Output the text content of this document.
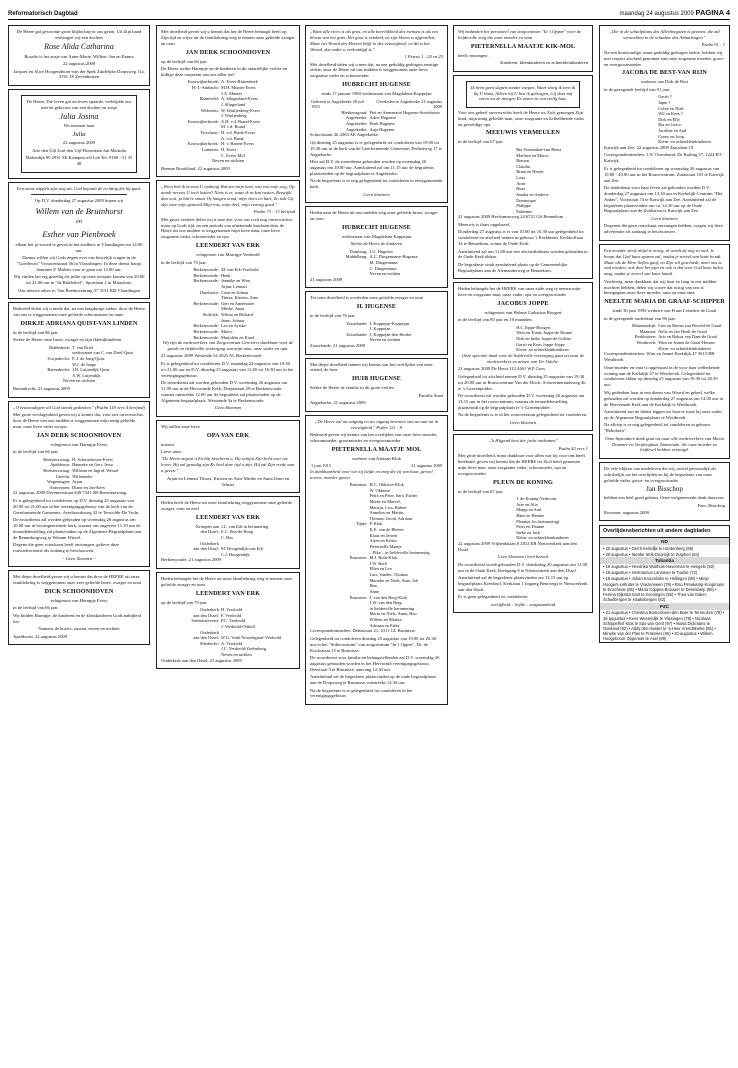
Reformatorisch Dagblad	maandag 24 augustus 2009 PAGINA 4

De Heere gaf gewoonte grote blijdschap in ons gezin. Uit Zijn hand ontvingen wij een dochter

Rose Alida Catharina

Rosalie is het zusje van Anne-Marie, Willine, Jan en Emma

22 augustus 2009

Jacques en Alice Hoogendoorn-van der Spek Zuidelijke Dorpsweg 11a, 3761 JX Zevenhuizen

De Heere, Die leven gaf en leven spaarde, verblijdde ons met de geboorte van een dochter en zusje

Julia Josina

We noemen haar

Julia

22 augustus 2009

Arie den Uijl Josè den Uijl-Bouwman Jan Marinda

Molendijk 90 2931 SE Krimpen a/d Lek Tel. 0180 - 51 35 48

Een mens stippelt zijn weg uit, God bepaalt de richting die hij gaat.

Op D.V. donderdag 27 augustus 2009 hopen wij

Willem van de Bruinhorst
en
Esther van Pienbroek

elkaar het ja-woord te geven in het stadhuis in Vlaardingen om 14.00 uur.

Daarna willen wij Gods zegen over ons huwelijk vragen in de "Goedewin" Vrouwenstraat 36 in Vlaardingen. In deze dienst hoopt dominee P. Mulder voor te gaan om 15.00 uur.

Wij vinden het erg gezellig als jullie op onze receptie komen van 20.00 tot 21.00 uur in "de Ridderhof", Sportlaan 2 in Maassluis.

Ons nieuwe adres is: Van Beethovenring 57 3131 KB Vlaardingen

Bedroefd delen wij u mede dat, na een langdurige ziekte, door de Heere van ons is weggenomen onze geliefde schoonzuster en tante

DIRKJE ADRIANA QUIST-VAN LINDEN

in de leeftijd van 86 jaar.

Sterke de Heere onze broer, zwager en zijn (klein)kinderen.

Ridderkerk:	T. van Driel
	weduwnaar van C. van Driel-Quist
Zwijndrecht:	P. J. de Jong-Quist
	W.J. de Jonge
Barendrecht:	J.H. Luijendijk-Quist
	A.W. Luijendijk

Neven en nichten

Barendrecht, 21 augustus 2009

„O'eeuwoudigen wil God steeds gedenken." (Psalm 118 vers 4 berijmd)

Met grote verslagenheid geven wij u kennis dat, voor ons onverwachts, door de Heere van ons midden is weggenomen mijn innig geliefde man, onze lieve vader en opa

JAN DERK SCHOONHOVEN

echtgenoot van Harmpje Evers

in de leeftijd van 66 jaar.

Beetsterzwaag:	H. Schoonhoven-Evers
Apeldoorn:	Hanneke en Gert, Jesse
Beetsterzwaag:	Willeam en Ingrid, Wessel
Utrecht:	Willemieke
Wageningen:	Arjan
Antwerpen:	Diane en Jan-Kees

22 augustus 2009 Deventerstraat 649 7341 SB Beetsterzwaag

Er is gelegenheid tot condoleren op D.V. dinsdag 25 augustus van 20.00 tot 21.00 uur in het verenigingsgebouw van de kerk van de Gereformeerde Gemeente, Averhoordsweg 32 te Terwolde-De Vecht.

De rouwdienst zal worden gehouden op woensdag 26 augustus om 10.00 uur in bovengenoemde kerk, waarna om ongeveer 11.30 uur de teraardebestelling zal plaatsvinden op de Algemene Begraafplaats aan de Rammbrugweg te Wenum Wiesel.

Degene die geen rouwkaart heeft ontvangen, gelieve deze rouwadvertentie als zodanig te beschouwen.

~ Geen bloemen ~

Met diepe droefheid geven wij u kennis dat door de HEERE uit onze familiekring is weggenomen onze zeer geliefde broer, zwager en oom

DICK SCHOONHOVEN

echtgenoot van Harmpje Evers

in de leeftijd van 66 jaar.

Wij bidden Harmpje, de kinderen en de kleinkinderen Gods nabijheid toe.

Namens de broers, zussen, neven en nichten

Apeldoorn, 22 augustus 2009

Met droefheid geven wij u kennis dat het de Heere behaagd heeft op Zijn tijd en wijze uit de familiekring weg te nemen onze geliefde zwager en oom

JAN DERK SCHOONHOVEN

op de leeftijd van 66 jaar.

De Heere sterke Harmpje en de kinderen in dit smartelijke verlies en bidlige deze roepstem aan ons allen toe!

Kootwijkerbroek:	A. Evers-Ruitenbeek
H.-I.-Ambacht:	M.H. Munter-Evers
	J.A. Munter
Barneveld:	A. Slingerland-Evers
	J. Slingerland
Wekerom:	W. Wasljenberg-Evers
	J. Wasljenberg
Kootwijkerbroek:	A.H. v.d. Brand-Evers
	M. v.d. Brand
Terschuur:	H. v.d. Brink-Evers
	A. v.d. Brink
Kootwijkerbroek:	H. v. Harten-Evers
Lunteren:	H. Evers
	C. Evers-Mol

Neven en nichten

Beemte Broekland, 22 augustus 2009

„Wien heb ik nevens U omhoog Wat zou mijn hart, wat zou mijn oog, Op aarde nevens U toch lusten? Niets is er, waar ik in kan rusten, Bezwijkt dan ooit, ja bitt're smart Of hangen nood, mijn vlees en hart, Zo zult Gij zijn voor mijn gemoed Mijn rots, mijn deel, mijn eeuwig goed."

Psalm 73 : 13 berijmd

Met groot verdriet delen wij u mee dat, voor ons toch nog onverwachts, maar op Gods tijd, na een periode van afnemende krachten door de Heere uit ons midden is weggenomen mijn lieve man, onze lieve zorgzame vader, schoonvader en opa

LEENDERT VAN ERK

echtgenoot van Marrigje Verdoold

in de leeftijd van 70 jaar.

Berkenwoude:	M. van Erk-Verdoold
Berkenwoude:	Henk
Berkenwoude:	Janneke en Wim
	Arjan, Lennart
IJsselstein:	Coen en Jolmar
	Thirza, Kirsten, Arne
Berkenwoude:	Gert en Annemarie
	Mirthe, Anna
Stolwijk:	Wilma en Richard
	Jarno, Jelmar
Berkenwoude:	Leo en Sytske
Berkenwoude:	Marco
Berkenwoude:	Marjolein en Karel

Wij zijn de medewerkers van Zorgcentrum Gereviers dankbaar voor de goede en liefdevolle verzorging van mijn man, onze vader en opa.

21 augustus 2009 Westende 54 2825 AL Berkenwoude

Er is gelegenheid tot condoleren D.V. maandag 24 augustus van 19.30 tot 21.00 uur en D.V. dinsdag 25 augustus van 13.00 tot 16.30 uur in het verenigingsgebouw.

De rouwdienst zal worden gehouden D.V. woensdag 26 augustus om 11.00 uur in de Hervormde Kerk, Dorpsstraat 29 te Berkenwoude, waarna omstreeks 12.00 uur de begrafenis zal plaatsvinden op de Algemene begraafplaats, Westeinde 3a te Berkenwoude.

Geen bloemen

Wij zullen onze lieve

OPA VAN ERK

missen.

Lieve oma:

"De Heere zegent u En blij bescherm u, Hij schijnt Zijn licht over uw leven. Hij zal genadig zijn Ks heel deze tijd u zijn, Hij zal Zijn vrede aan u geven."

Arjan en Lennart Thirza, Kirsten en Arne Mirthe en Anna Jarno en Jelmar

Heden heeft de Heere uit onze familiekring weggenomen onze geliefde zwager, oom en neef

LEENDERT VAN ERK
Krimpen aan	J.L. van Erk in herinnering
den IJssel:	E.C. Bos-de Hoop
	C. Bos
Ouderkerk	
aan den IJssel:	M. Hoogendijk-van Erk
	C.J. Hoogendijk

Berkenwoude, 21 augustus 2009

Heden behaagde het de Heere uit onze familiekring weg te nemen onze geliefde zwager en oom

LEENDERT VAN ERK

op de leeftijd van 70 jaar.

Ouderkerk	H. Verdoold
aan den IJssel:	F. Verdoold
Surhuisterveen:	P.C. Verdoold
	J. Verdoold-Olthoff
Ouderkerk	
aan den IJssel:	W.G. Vonk Noordegraaf-Verdoold
Sliedrecht:	A. Verdoold
	J.C. Verdoold-Zeelenberg
	Neven en nichten

Ouderkerk aan den IJssel, 21 augustus 2009

„Want alle vlees is als gras, en alle heerlijkheid des mensen is als een bloem van het gras. Het gras is verdord, en zijn bloem is afgevallen; Maar het Woord des Heeren blijft in der eeuwigheid; en dit is het Woord, dat onder u verkondigd is."

1 Petrus 1 : 24 en 25

Met droefheid delen wij u mee dat, na een geduldig gedragen ernstige ziekte, door de Heere uit ons midden is weggenomen onze lieve, zorgzame vader en schoonvader

HUBRECHT HUGENSE

sinds 17 januari 1960 weduwnaar van Magdalena Koppejan

Geboren te Aagtekerke 28 juli 1933	Overleden te Aagtekerke 21 augustus 2009
Bleskensgraaf:	Piet en Annemarie Hugense-Soeteboom
Aagtekerke:	Adrie Hugense
Aagtekerke:	Huib Hugense
Aagtekerke:	Anja Hugense

Schoolstraat 2b 4363 AE Aagtekerke

Op dinsdag 25 augustus is er gelegenheid tot condoleren van 19.00 tot 19.30 uur in de kerk van de Gereformeerde Gemeente, Prelaatweg 17 te Aagtekerke.

Hier zal D.V. de rouwdienst gehouden worden op woensdag 26 augustus om 10.00 uur. Aansluitend zal om 11.15 uur de begrafenis plaatsvinden op de begraafplaats te Aagtekerke.

Na de begrafenis is er nog gelegenheid tot condoleren in eerstgenoemde kerk.

Geen bloemen

Heden nam de Heere uit ons midden weg onze geliefde broer, zwager en oom

HUBRECHT HUGENSE

weduwnaar van Magdalena Koppejan

Sterke de Heere de kinderen

Domburg:	J.G. Hugense
Middelburg:	A.C. Dingemanse-Hugense
	M. Dingemanse
	C. Dingemanse
	Neven en nichten

21 augustus 2009

Tot onze droefheid is overleden onze geliefde zwager en oom

H. HUGENSE

in de leeftijd van 76 jaar.

Zoutelande:	J. Koppejan-Koppejan
	J. Koppejan
Zoutelande:	J. Koppejan-den Herder
	Neven en nichten

Zoutelande, 21 augustus 2009

Met diepe droefheid namen wij kennis van het overlijden van onze vriend, de heer

HUIB HUGENSE

Sterke de Heere de familie in dit grote verlies.

Familie Staal

Aagtekerke, 21 augustus 2009

„De Heere zal uw uitgang en uw ingang bewaren van nu aan tot in eeuwigheid." Psalm 121 : 8

Bedroefd geven wij kennis van het overlijden van onze lieve moeder, schoonmoeder, grootmoeder en overgrootmoeder

PIETERNELLA MAATJE MOL

weduwe van Adriaan Klok

1 juni 1915	21 augustus 2009

In dankbaarheid voor wie zij liefde en zorg die zij van haar, gevoel tevens, moeder gaven.

Bruinisse:	H.C. Okkerse-Klok
	W. Okkerse
	Petra en Peter, Sara, Esther
	Mieke en Marvel,
	Marrijn, Lisa, Ruben
	Annelies en Martin,
	Thomas, Jacob, Adriaan
Tijnje:	P. Klok
	K.E. van de Bleeen
	Klaas en Jeroen
	Arjen en Krista
	Pieternella Maatje
	– Pika – in liefdevolle herinnering
Bruinisse:	M.J. Roth-Klok
	J.W. Roth
	Ellen en Leo
	Lars, Sander, Thomas
	Marieke en Niels, Stan, Job
	Han
	Anne
Bruinisse:	J. van den Berg-Klok
	J.W. van den Berg
	in liefdevolle herinnering
	Maria en Niels, Anna, Boo
	Willem en Marika
	Adriaan en Erika

Correspondentieadres: Deltastraat 21, 4311 GL Bruinisse

Gelegenheid tot condoleren dinsdag 25 augustus van 19.00 tot 20.30 uur in het "Stiltecentrum" van zorgcentrum "In 't Oppee", Dr. de Kockstraat 13 te Bruinisse.

De rouwdienst voor familie en belangstellenden zal D.V. woensdag 26 augustus gehouden worden in het Hervormd verenigingsgebouw, Deestraat 3 te Bruinisse, aanvang 12.30 uur.

Aansluitend zal de begrafenis plaatsvinden op de oude begraafplaats aan de Dorpsweg te Bruinisse, omstreeks 14.30 uur.

Na de begrafenis is er gelegenheid tot condoleren in het verenigingsgebouw.

Wij bedanken het personeel van zorgcentrum "In 't Oppee" voor de liefdevolle zorg die onze moeder en oma

PIETERNELLA MAATJE KIK-MOL

heeft ontvangen.

Kinderen, kleinkinderen en achterkleinkinderen

Ik heen geen slapen zonder zorgen, Waar sloeg ik teen ik bij U thuis, Alleen bij U ben ik geborgen, Gij doet mij varen tot de morgen En zonen in een veilig huis.

Voor ons geheel onverwachts heeft de Heere tot Zich genoegen Zijn kind, mijn innig geliefde man, onze zorgzame en liefhebbende vader en geweldige opa

MEEUWIS VERMEULEN

in de leeftijd van 67 jaar.

	Ria Vermeulen-van Beest
	Marleen en Marco
	Romon
	Claudia
	Bram en Hester
	Loua
	Aron
	Boaz
	Sandra en Andrew
	Dominique
	Philippe
	Fabienne

21 augustus 2009 Heelsumseweg 24 6721 GS Bennekom

Meeuwis is thuis opgebaard.

Donderdag 27 augustus is er van 10.00 tot 10.30 uur gelegenheid tot condoleren en afscheid nemen in gebouw 't Kerkheem, Kerkhoflaan 34 te Bennekom, achter de Oude Kerk.

Aansluitend zal om 11.00 uur een afscheidsdienst worden gehouden in de Oude Kerk aldaar.

De begrafenis vindt aansluitend plaats op de Gemeentelijke Begraafplaats aan de Alemanderweg te Bennekom.

Heden behaagde het de HEERE van onze zijde weg te nemen mijn lieve en zorgzame man, onze vader, opa en overgrootvader

JACOBUS JOPPE

echtgenoot van Helena Catharina Boogert

in de leeftijd van 80 jaar en 10 maanden.

	H.C Joppe-Boogert
	Wim en Tonny Joppe-de Bruine
	Dirk en Ineke Joppe-de Goffau
	Gerrit en Kees Joppe-Joppe
	Klein- en achterkleinkinderen

Onze speciale dank voor de liefdevolle verzorging gaat uit naar de medewerkers en artsen van Ter Valche.

21 augustus 2009 De Horst 112 4461 WZ Goes

Gelegenheid tot afscheid nemen D.V. dinsdag 25 augustus van 19.30 tot 20.00 uur in Rouwcentrum Van der Hooft, Schwerinerandsweg 4b te 's-Gravenpolder.

De rouwdienst zal worden gehouden D.V. woensdag 26 augustus om 13.15 uur in het rouwcentrum, waarna de teraardebestelling plaatsvindt op de begraafplaats te 's-Gravenpolder.

Na de begrafenis is er in het rouwcentrum gelegenheid tot condoleren.

Geen bloemen

„'k Hijgend heet der jacht ontkomen"

Psalm 42 vers 1

Met grote droefheid, maar dankbaar voor allen wat hij voor ons heeft betekend, geven wij kennis dat de HEERE tot Zich heeft genomen mijn lieve man, onze zorgzame vader, schoonvader, opa en overgrootvader

PLEUN DE KONING

in de leeftijd van 67 jaar.

	J. de Koning-Verboom
	Arie en Alie
	Marga en Aad
	Hans en Hennie
	Pleuntje (in herinnering)
	Peter en Dianne
	Ineke en Jack
	Klein- en achterkleinkinderen

22 augustus 2009 Vrijheidslaan 8 2812 EB Nieuwerkerk aan den IJssel

Geen bloemen Geen bezoek

De rouwdienst wordt gehouden D.V. donderdag 20 augustus om 11.00 uur in de Oude Kerk, Kerkgang 8 te Nieuwerkerk aan den IJssel.

Aansluitend zal de begrafenis plaatsvinden om 12.15 uur op begraafplaats Kreeknof, Kerklaan 1 (ingang Beurweg) te Nieuwerkerk aan den IJssel.

Er is geen gelegenheid tot condoleren.

oorlijfheid – liefde – zorgzaamheid

„Die in de schuilplaats des Allerhoogsten is gezeten, die zal vernachten in de schaduw des Almachtigen."

Psalm 91 : 1

Na een kortstondige, maar geduldig gedragen ziekte, hebben wij met respect afscheid genomen van onze zorgzame moeder, groot- en overgrootmoeder

JACOBA DE BEST-VAN RIJN

weduwe van Dirk de Best

in de gezegende leeftijd van 91 jaar.

	Gerrit †
	Japie †
	Cobie en Niek
	Wil en Kees †
	Dirk en Elly
	Ria en Gerco
	Jacoline en Aad
	Conry en Joop
	Klein- en achterkleinkinderen

Katwijk aan Zee, 22 augustus 2009 Taatsdam 18

Correspondentieadres: J.N. Ouwehand, De Railing 57, 2224 BT Katwijk

Er is gelegenheid tot condoleren op woensdag 26 augustus van 19.00 - 20.00 uur in het Rouwcentrum, Zuidstraat 103 te Katwijk aan Zee.

De dankdienst voor haar leven zal gehouden worden D.V. donderdag 27 augustus om 13.30 uur in Kerkelijk Centrum "Het Anker", Voorstraat 74 te Katwijk aan Zee. Aansluitend zal de begrafenis plaatsvinden om ca. 14.30 uur op de Oude Begraafplaats aan de Zuidstraat te Katwijk aan Zee.

Geen bloemen

Degenen die geen rouwkaart ontvangen hebben, vragen wij deze advertentie als zodanig te beschouwen.

Een moeder sterft altijd te vroeg, al wordt zij nog zo oud. Je hoopt dat God haar sparen zal, omdat je zoveel van haar houdt. Maar als de Here lieflos gaaf, en Zijn wil geschiedt, moet ons ie oud worden, ook doet het pijn en ook is dat voor God haar halen mag, omdat je zoveel van haar houdt.

Verdrietig, maar dankbaar dat wij haar zo lang in ons midden mochten hebben, delen wij u mee dat rustig van ons is heengegaan onze lieve moeder, oma en oma-oma

NEELTJE MARIA DE GRAAF-SCHIPPER

sinds 30 juni 1993 weduwe van Frans Leendert de Graaf

in de gezegende ouderdom van 96 jaar.

Maartensdijk:	Lies en Bertus van Rooeld-de Graaf
Maassen:	Nelis en Jan Hoek-de Graaf
Berkhuizen:	Aris en Rokus van Dam-de Graaf
Westbroek:	Wim en Jeanet de Graaf-Hessen
	Klein- en achterkleinkinderen

Correspondentieadres: Wim en Jeanet Kerkdijk 47 3615 BB Westbroek

Onze moeder en oma is opgebaard in de voor haar welbekende woning aan de Kerkdijk 47 te Westbroek. Gelegenheid tot condoleren aldaar op dinsdag 25 augustus van 19.30 tot 20.30 uur.

Wij gedenken haar in een dienst van Woord en gebed, welke gehouden zal worden op donderdag 27 augustus om 14.00 uur in de Hervormde Kerk aan de Kerkdijk te Westbroek.

Aansluitend aan de dienst leggen we haar te ruste bij onze vader op de Algemene Begraafplaats te Westbroek.

Na afloop is er nog gelegenheid tot condoleren in gebouw "Rehoboth".

Onze hijzondere dank gaat uit naar alle medewerkers van Maria Dommer en Verpleeghuis Tamarinde, die onze moeder zo liefdevol hebben verzorgd.

De vele blijken van medeleven die wij, zowel persoonlijk als schriftelijk, na het overlijden en bij de begrafenis van onze geliefde vader, groot- en overgrootvader

Jan Bisschop

hebben een heel goed gedaan. Onze welgemeende dank daarvoor.

Fam. Bisschop

Rouveen, augustus 2009

Overlijdensberichten uit andere dagbladen
ND
• 20 augustus • Gerrit Kerkdijk te Hardenberg (69)
• 20 augustus • Nienke Strik-Doornijk te Zutphen (84)
Tubantia
• 18 augustus • Hendrika Wolthuis-Haverman te Hengelo (82)
• 19 augustus • Hermannus Lansman te Tuuble (72)
• 18 augustus • Johan Kroumlinks te Hellingen (80) • Mieje Hoogers-Leltuiter te Vriezenveen (78) • Elso Pirsekamp-Koopmans te Enschede (85) • Maria Coppes-Brouwer te Denekamp (89) • Femna Dijkstra-Smit te Groningen (55) • Thea van Dalen-Schuilbergen te Haaksbergen (82)
PZC
• 21 augustus • Christina Bomosloom-den Boer te Terneuzen (78) • 18 augustus • Kees Westerdijk te Vlissingen (78) • Nicolaas Schippelhof Klok te Sas van Gent (97) • Maria Dickmans te Ovieland (92) • Addy den Harder te 's-Heer Arendskerke (85) • Mineke van der Plas te Franeker (65) • 20 augustus • Willem Hoogeboom Opperwer te Axel (89)
